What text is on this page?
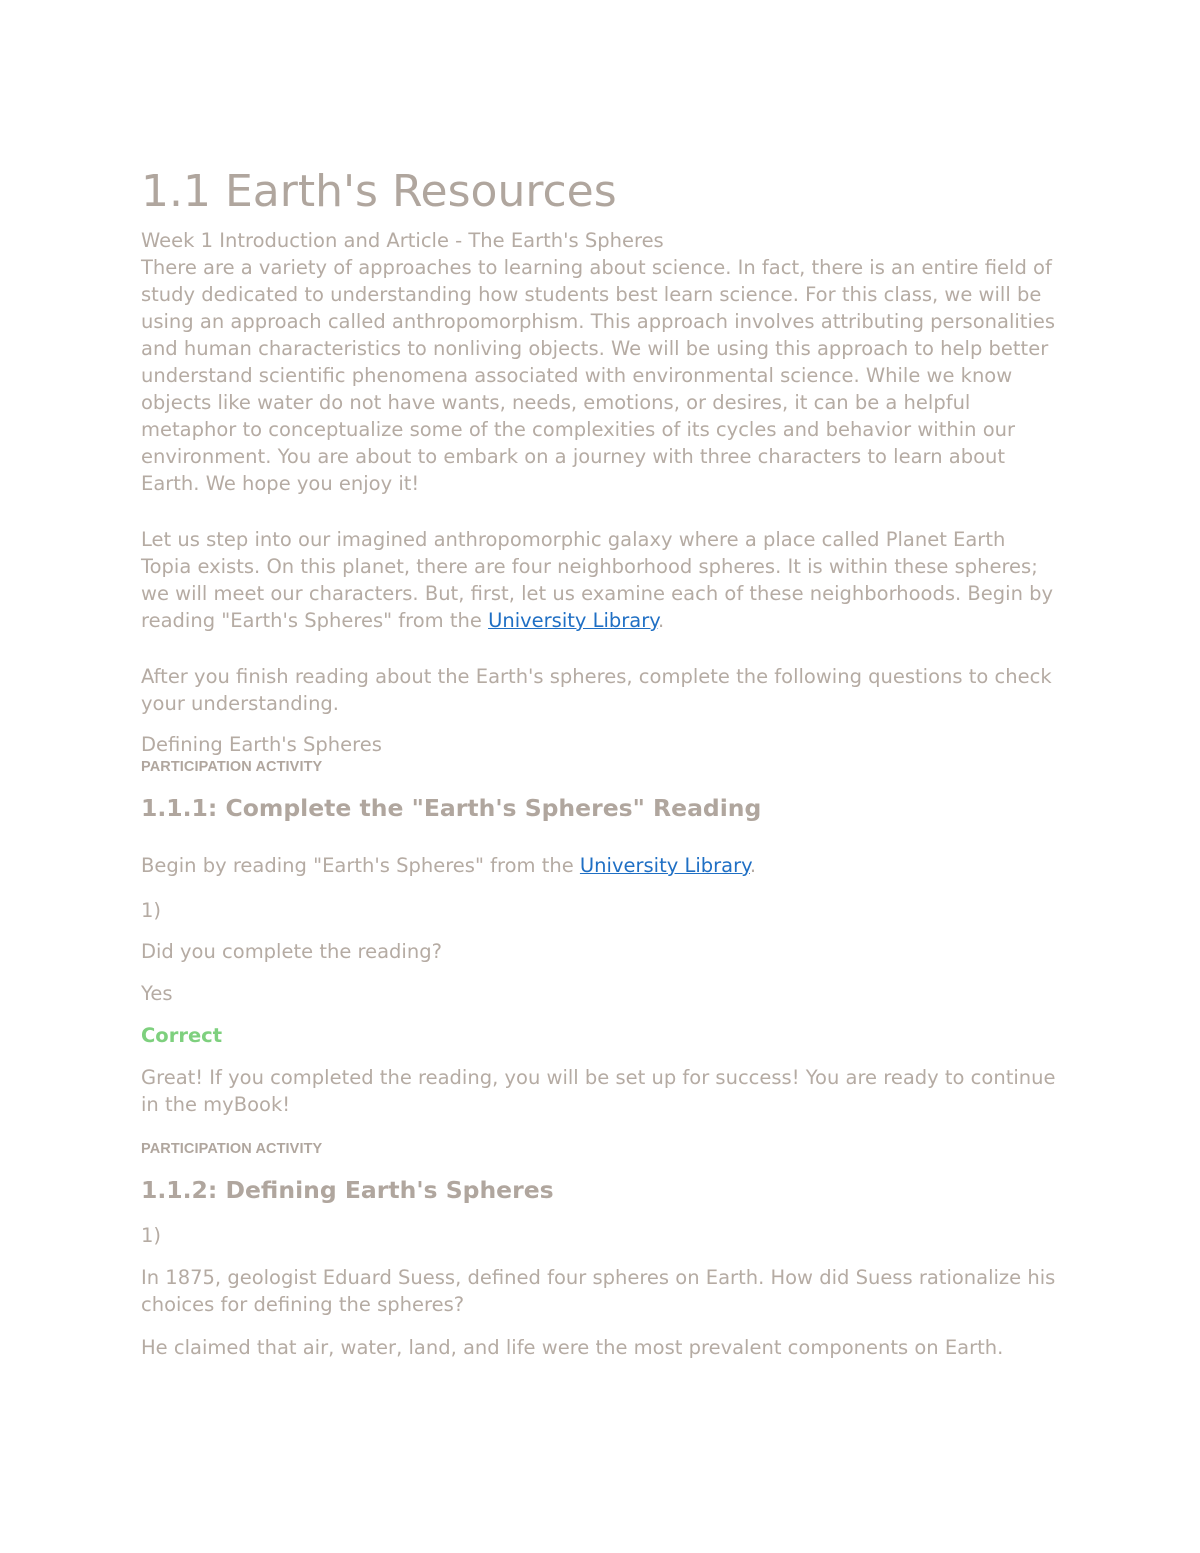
1.1 Earth's Resources
Week 1 Introduction and Article - The Earth's Spheres

There are a variety of approaches to learning about science. In fact, there is an entire field of study dedicated to understanding how students best learn science. For this class, we will be using an approach called anthropomorphism. This approach involves attributing personalities and human characteristics to nonliving objects. We will be using this approach to help better understand scientific phenomena associated with environmental science. While we know objects like water do not have wants, needs, emotions, or desires, it can be a helpful metaphor to conceptualize some of the complexities of its cycles and behavior within our environment. You are about to embark on a journey with three characters to learn about Earth. We hope you enjoy it!

Let us step into our imagined anthropomorphic galaxy where a place called Planet Earth Topia exists. On this planet, there are four neighborhood spheres. It is within these spheres; we will meet our characters. But, first, let us examine each of these neighborhoods. Begin by reading "Earth's Spheres" from the University Library.

After you finish reading about the Earth's spheres, complete the following questions to check your understanding.

Defining Earth's Spheres

PARTICIPATION ACTIVITY
1.1.1: Complete the "Earth's Spheres" Reading

Begin by reading "Earth's Spheres" from the University Library.

1)

Did you complete the reading?

Yes

Correct

Great! If you completed the reading, you will be set up for success! You are ready to continue in the myBook!

PARTICIPATION ACTIVITY
1.1.2: Defining Earth's Spheres

1)

In 1875, geologist Eduard Suess, defined four spheres on Earth. How did Suess rationalize his choices for defining the spheres?

He claimed that air, water, land, and life were the most prevalent components on Earth.
